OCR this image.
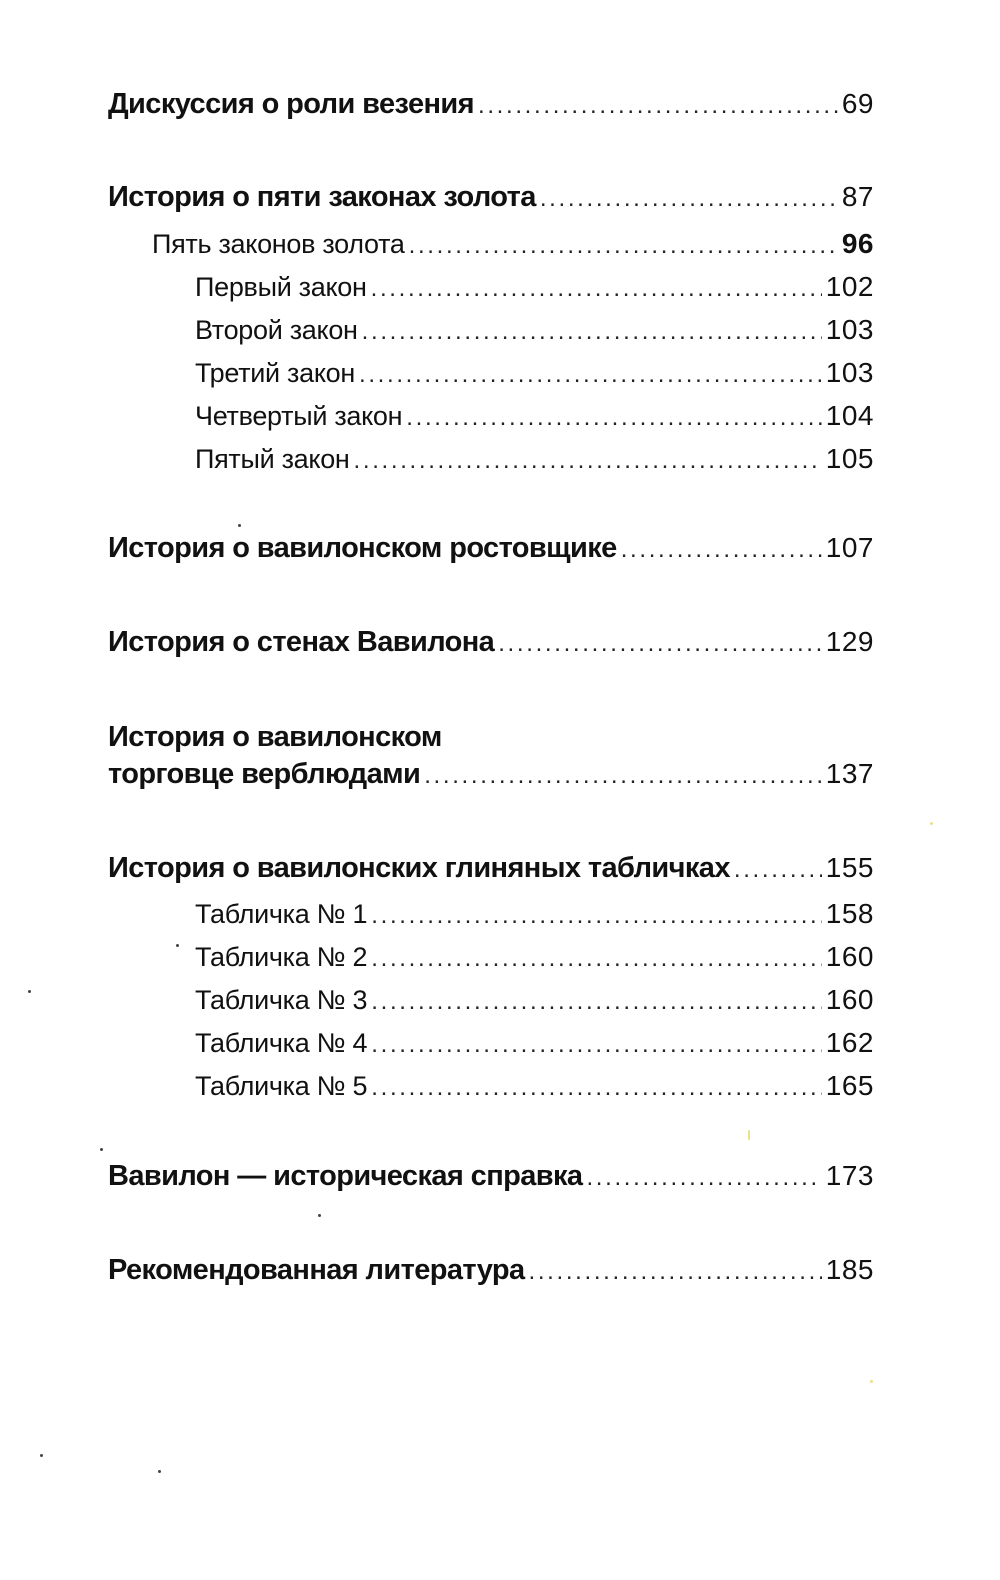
Дискуссия о роли везения . . .	69
История о пяти законах золота . . .	87
Пять законов золота . . .	96
Первый закон . . .	102
Второй закон . . .	103
Третий закон . . .	103
Четвертый закон . . .	104
Пятый закон . . .	105
История о вавилонском ростовщике . . .	107
История о стенах Вавилона . . .	129
История о вавилонском
торговце верблюдами . . .	137
История о вавилонских глиняных табличках . . .	155
Табличка № 1 . . .	158
Табличка № 2 . . .	160
Табличка № 3 . . .	160
Табличка № 4 . . .	162
Табличка № 5 . . .	165
Вавилон — историческая справка . . .	173
Рекомендованная литература . . .	185
